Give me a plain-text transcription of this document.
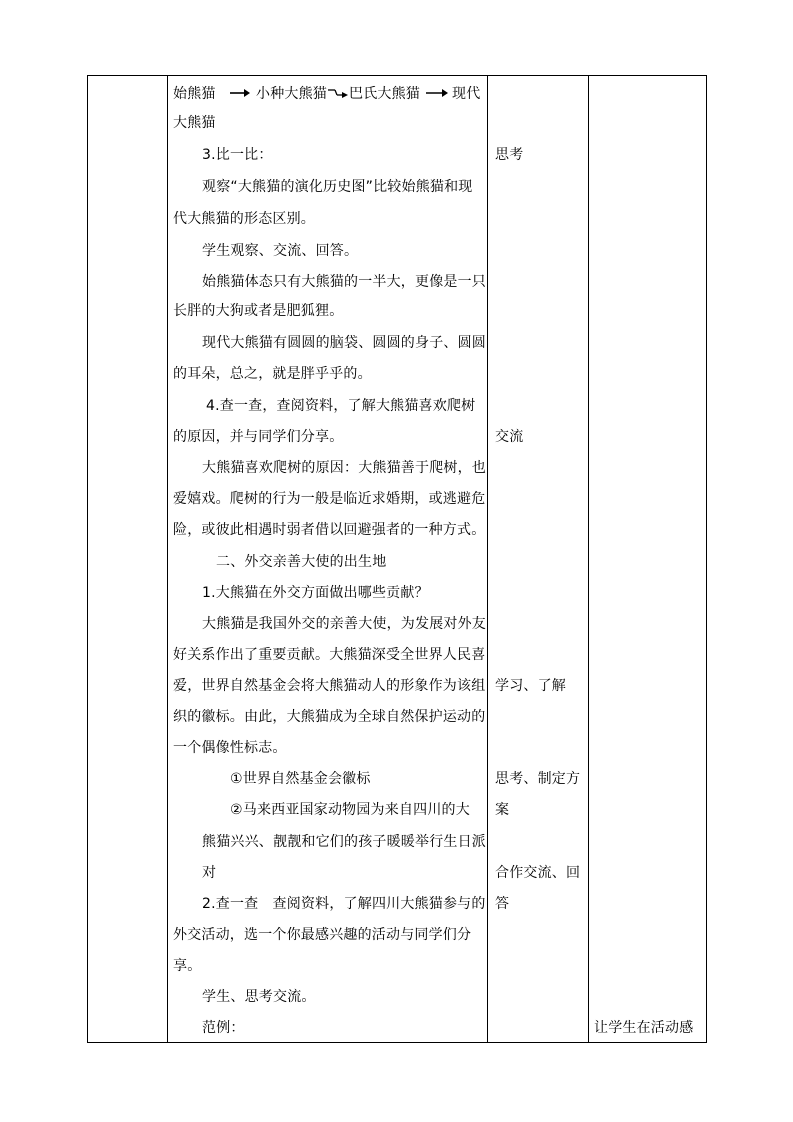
始熊猫	小种大熊猫 巴氏大熊猫 现代
大熊猫
3.比一比：
观察“大熊猫的演化历史图”比较始熊猫和现
代大熊猫的形态区别。
学生观察、交流、回答。
始熊猫体态只有大熊猫的一半大，更像是一只
长胖的大狗或者是肥狐狸。
现代大熊猫有圆圆的脑袋、圆圆的身子、圆圆
的耳朵，总之，就是胖乎乎的。
4.查一查，查阅资料，了解大熊猫喜欢爬树
的原因，并与同学们分享。
大熊猫喜欢爬树的原因：大熊猫善于爬树，也
爱嬉戏。爬树的行为一般是临近求婚期，或逃避危
险，或彼此相遇时弱者借以回避强者的一种方式。
二、外交亲善大使的出生地
1.大熊猫在外交方面做出哪些贡献？
大熊猫是我国外交的亲善大使，为发展对外友
好关系作出了重要贡献。大熊猫深受全世界人民喜
爱，世界自然基金会将大熊猫动人的形象作为该组
织的徽标。由此，大熊猫成为全球自然保护运动的
一个偶像性标志。
①世界自然基金会徽标
②马来西亚国家动物园为来自四川的大
熊猫兴兴、靓靓和它们的孩子暖暖举行生日派
对
2.查一查　查阅资料，了解四川大熊猫参与的
外交活动，选一个你最感兴趣的活动与同学们分
享。
学生、思考交流。
范例：
思考
交流
学习、了解
思考、制定方
案
合作交流、回
答
让学生在活动感
